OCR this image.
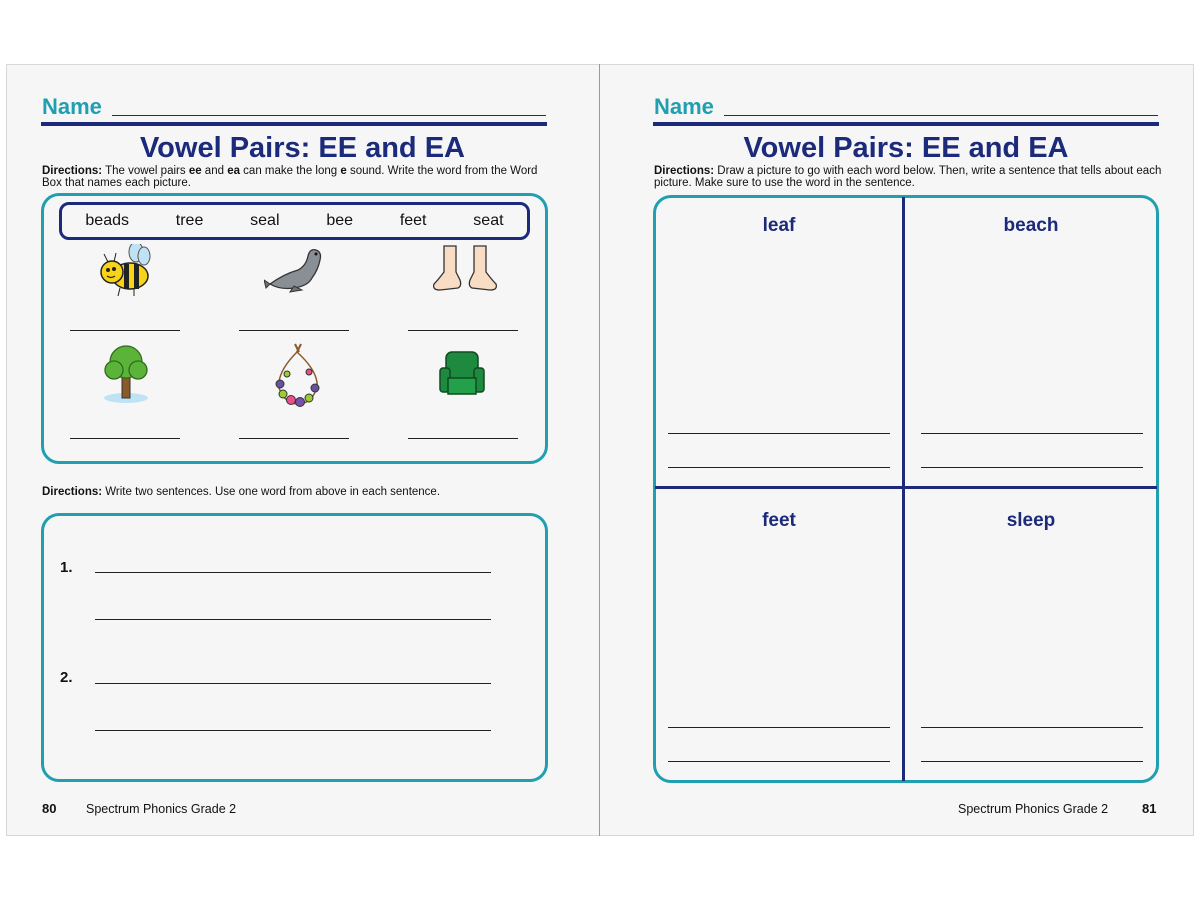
Name
Vowel Pairs: EE and EA
Directions: The vowel pairs ee and ea can make the long e sound. Write the word from the Word Box that names each picture.
beads	tree	seal	bee	feet	seat
Directions: Write two sentences. Use one word from above in each sentence.
1.
2.
80 Spectrum Phonics Grade 2
Name
Vowel Pairs: EE and EA
Directions: Draw a picture to go with each word below. Then, write a sentence that tells about each picture. Make sure to use the word in the sentence.
leaf	beach
feet	sleep
Spectrum Phonics Grade 2	81
